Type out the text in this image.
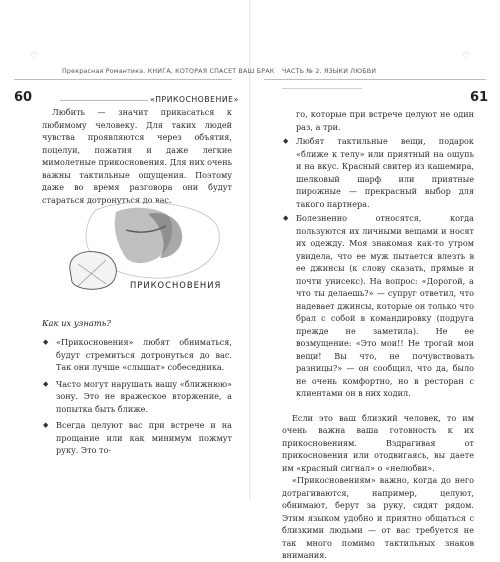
♡	♡
Прекрасная Романтика. КНИГА, КОТОРАЯ СПАСЕТ ВАШ БРАК ЧАСТЬ № 2. ЯЗЫКИ ЛЮБВИ
60	61
«ПРИКОСНОВЕНИЕ»

Любить — значит прикасаться к любимому человеку. Для таких людей чувства проявляются через объятия, поцелуи, пожатия и даже легкие мимолетные прикосновения. Для них очень важны тактильные ощущения. Поэтому даже во время разговора они будут стараться дотронуться до вас.

ПРИКОСНОВЕНИЯ
Как их узнать?
◆ «Прикосновения» любят обниматься, будут стремиться дотронуться до вас. Так они лучше «слышат» собеседника.
◆ Часто могут нарушать вашу «ближнюю» зону. Это не вражеское вторжение, а попытка быть ближе.
◆ Всегда целуют вас при встрече и на прощание или как минимум пожмут руку. Это то-
го, которые при встрече целуют не один раз, а три.
◆ Любят тактильные вещи, подарок «ближе к телу» или приятный на ощупь и на вкус. Красный свитер из кашемира, шелковый шарф или приятные пирожные — прекрасный выбор для такого партнера.
◆ Болезненно относятся, когда пользуются их личными вещами и носят их одежду. Моя знакомая как-то утром увидела, что ее муж пытается влезть в ее джинсы (к слову сказать, прямые и почти унисекс). На вопрос: «Дорогой, а что ты делаешь?» — супруг ответил, что надевает джинсы, которые он только что брал с собой в командировку (подруга прежде не заметила). Не ее возмущение: «Это мои!! Не трогай мои вещи! Вы что, не почувствовать разницы?» — он сообщил, что да, было не очень комфортно, но в ресторан с клиентами он в них ходил.

Если это ваш близкий человек, то им очень важна ваша готовность к их прикосновениям. Вздрагивая от прикосновения или отодвигаясь, вы даете им «красный сигнал» о «нелюбви».

«Прикосновениям» важно, когда до него дотрагиваются, например, целуют, обнимают, берут за руку, сидят рядом. Этим языком удобно и приятно общаться с близкими людьми — от вас требуется не так много помимо тактильных знаков внимания.
